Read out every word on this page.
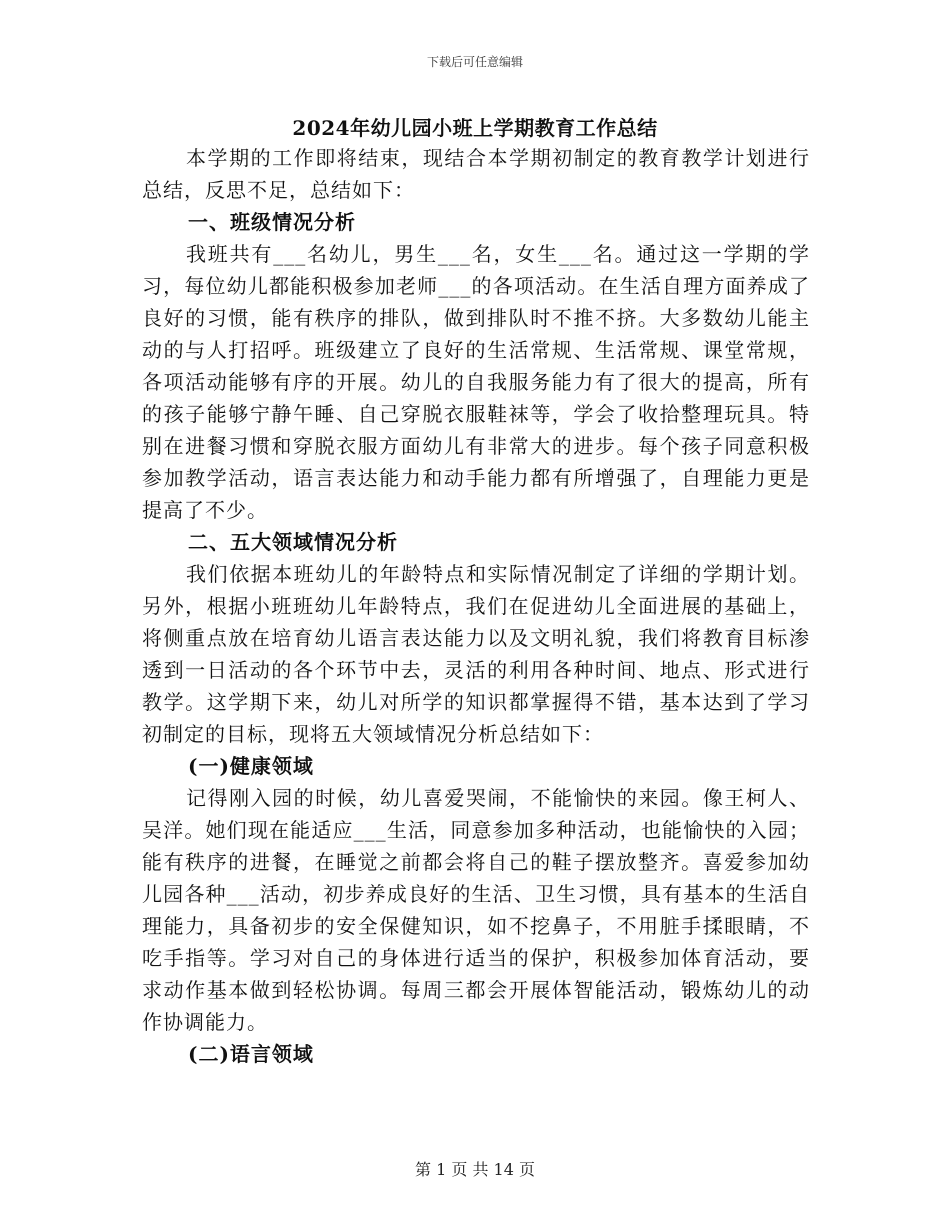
下载后可任意编辑
2024年幼儿园小班上学期教育工作总结

本学期的工作即将结束，现结合本学期初制定的教育教学计划进行总结，反思不足，总结如下：

一、班级情况分析

我班共有___名幼儿，男生___名，女生___名。通过这一学期的学习，每位幼儿都能积极参加老师___的各项活动。在生活自理方面养成了良好的习惯，能有秩序的排队，做到排队时不推不挤。大多数幼儿能主动的与人打招呼。班级建立了良好的生活常规、生活常规、课堂常规，各项活动能够有序的开展。幼儿的自我服务能力有了很大的提高，所有的孩子能够宁静午睡、自己穿脱衣服鞋袜等，学会了收拾整理玩具。特别在进餐习惯和穿脱衣服方面幼儿有非常大的进步。每个孩子同意积极参加教学活动，语言表达能力和动手能力都有所增强了，自理能力更是提高了不少。

二、五大领域情况分析

我们依据本班幼儿的年龄特点和实际情况制定了详细的学期计划。另外，根据小班班幼儿年龄特点，我们在促进幼儿全面进展的基础上，将侧重点放在培育幼儿语言表达能力以及文明礼貌，我们将教育目标渗透到一日活动的各个环节中去，灵活的利用各种时间、地点、形式进行教学。这学期下来，幼儿对所学的知识都掌握得不错，基本达到了学习初制定的目标，现将五大领域情况分析总结如下：

(一)健康领域

记得刚入园的时候，幼儿喜爱哭闹，不能愉快的来园。像王柯人、吴洋。她们现在能适应___生活，同意参加多种活动，也能愉快的入园；能有秩序的进餐，在睡觉之前都会将自己的鞋子摆放整齐。喜爱参加幼儿园各种___活动，初步养成良好的生活、卫生习惯，具有基本的生活自理能力，具备初步的安全保健知识，如不挖鼻子，不用脏手揉眼睛，不吃手指等。学习对自己的身体进行适当的保护，积极参加体育活动，要求动作基本做到轻松协调。每周三都会开展体智能活动，锻炼幼儿的动作协调能力。

(二)语言领域

第 1 页 共 14 页
